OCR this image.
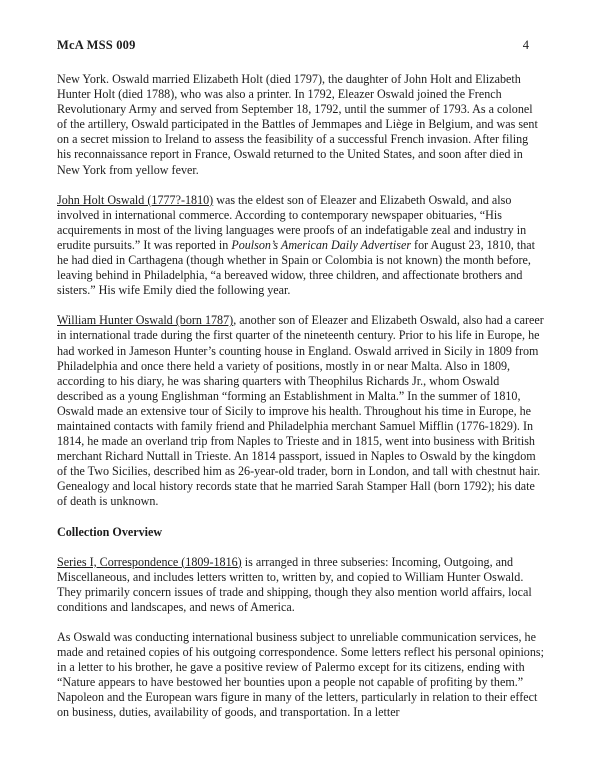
McA MSS 009	4

New York. Oswald married Elizabeth Holt (died 1797), the daughter of John Holt and Elizabeth Hunter Holt (died 1788), who was also a printer. In 1792, Eleazer Oswald joined the French Revolutionary Army and served from September 18, 1792, until the summer of 1793. As a colonel of the artillery, Oswald participated in the Battles of Jemmapes and Liège in Belgium, and was sent on a secret mission to Ireland to assess the feasibility of a successful French invasion. After filing his reconnaissance report in France, Oswald returned to the United States, and soon after died in New York from yellow fever.

John Holt Oswald (1777?-1810) was the eldest son of Eleazer and Elizabeth Oswald, and also involved in international commerce. According to contemporary newspaper obituaries, “His acquirements in most of the living languages were proofs of an indefatigable zeal and industry in erudite pursuits.” It was reported in Poulson’s American Daily Advertiser for August 23, 1810, that he had died in Carthagena (though whether in Spain or Colombia is not known) the month before, leaving behind in Philadelphia, “a bereaved widow, three children, and affectionate brothers and sisters.” His wife Emily died the following year.

William Hunter Oswald (born 1787), another son of Eleazer and Elizabeth Oswald, also had a career in international trade during the first quarter of the nineteenth century. Prior to his life in Europe, he had worked in Jameson Hunter’s counting house in England. Oswald arrived in Sicily in 1809 from Philadelphia and once there held a variety of positions, mostly in or near Malta. Also in 1809, according to his diary, he was sharing quarters with Theophilus Richards Jr., whom Oswald described as a young Englishman “forming an Establishment in Malta.” In the summer of 1810, Oswald made an extensive tour of Sicily to improve his health. Throughout his time in Europe, he maintained contacts with family friend and Philadelphia merchant Samuel Mifflin (1776-1829). In 1814, he made an overland trip from Naples to Trieste and in 1815, went into business with British merchant Richard Nuttall in Trieste. An 1814 passport, issued in Naples to Oswald by the kingdom of the Two Sicilies, described him as 26-year-old trader, born in London, and tall with chestnut hair. Genealogy and local history records state that he married Sarah Stamper Hall (born 1792); his date of death is unknown.

Collection Overview

Series I, Correspondence (1809-1816) is arranged in three subseries: Incoming, Outgoing, and Miscellaneous, and includes letters written to, written by, and copied to William Hunter Oswald. They primarily concern issues of trade and shipping, though they also mention world affairs, local conditions and landscapes, and news of America.

As Oswald was conducting international business subject to unreliable communication services, he made and retained copies of his outgoing correspondence. Some letters reflect his personal opinions; in a letter to his brother, he gave a positive review of Palermo except for its citizens, ending with “Nature appears to have bestowed her bounties upon a people not capable of profiting by them.” Napoleon and the European wars figure in many of the letters, particularly in relation to their effect on business, duties, availability of goods, and transportation. In a letter
